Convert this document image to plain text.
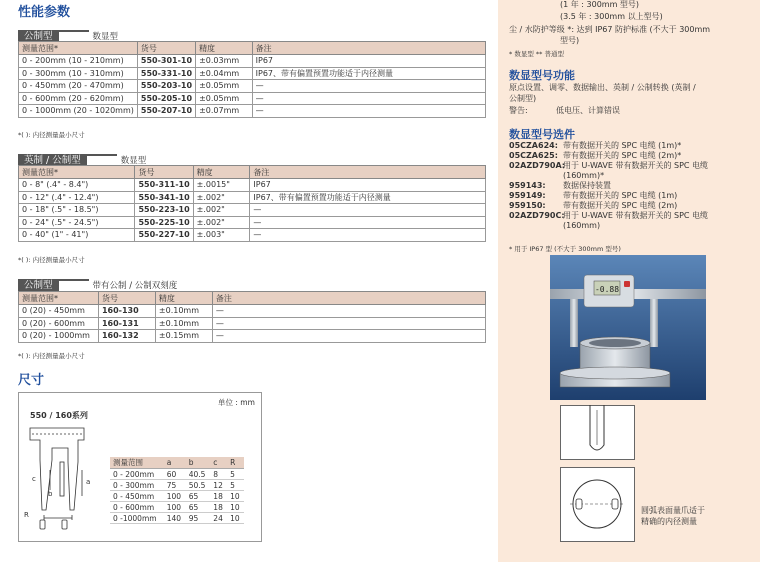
性能参数
公制型	数显型
测量范围*	货号	精度	备注
0 - 200mm (10 - 210mm)	550-301-10	±0.03mm	IP67
0 - 300mm (10 - 310mm)	550-331-10	±0.04mm	IP67、带有偏置预置功能适于内径测量
0 - 450mm (20 - 470mm)	550-203-10	±0.05mm	—
0 - 600mm (20 - 620mm)	550-205-10	±0.05mm	—
0 - 1000mm (20 - 1020mm)	550-207-10	±0.07mm	—
*( ): 内径测量最小尺寸
英制 / 公制型	数显型
测量范围*	货号	精度	备注
0 - 8" (.4" - 8.4")	550-311-10	±.0015"	IP67
0 - 12" (.4" - 12.4")	550-341-10	±.002"	IP67、带有偏置预置功能适于内径测量
0 - 18" (.5" - 18.5")	550-223-10	±.002"	—
0 - 24" (.5" - 24.5")	550-225-10	±.002"	—
0 - 40" (1" - 41")	550-227-10	±.003"	—
*( ): 内径测量最小尺寸
公制型	带有公制 / 公制双刻度
测量范围*	货号	精度	备注
0 (20) - 450mm	160-130	±0.10mm	—
0 (20) - 600mm	160-131	±0.10mm	—
0 (20) - 1000mm	160-132	±0.15mm	—
*( ): 内径测量最小尺寸
尺寸
550 / 160系列
单位 : mm
b
c	a
R
测量范围	a	b	c	R
0 - 200mm	60	40.5	8	5
0 - 300mm	75	50.5	12	5
0 - 450mm	100	65	18	10
0 - 600mm	100	65	18	10
0 -1000mm	140	95	24	10
(1 年 : 300mm 型号)
(3.5 年 : 300mm 以上型号)
尘 / 水防护等级 *: 达到 IP67 防护标准 (不大于 300mm
型号)
* 数显型 ** 普通型
数显型号功能
原点设置、调零、数据输出、英制 / 公制转换 (英制 /
公制型)
警告:	低电压、计算错误
数显型号选件
05CZA624: 带有数据开关的 SPC 电缆 (1m)*
05CZA625: 带有数据开关的 SPC 电缆 (2m)*
02AZD790A:
用于 U-WAVE 带有数据开关的 SPC 电缆
(160mm)*
959143:	数据保持装置
959149:	带有数据开关的 SPC 电缆 (1m)
959150:	带有数据开关的 SPC 电缆 (2m)
02AZD790C:
用于 U-WAVE 带有数据开关的 SPC 电缆
(160mm)
* 用于 IP67 型 (不大于 300mm 型号)
-0.88
圆弧表面量爪适于
精确的内径测量
